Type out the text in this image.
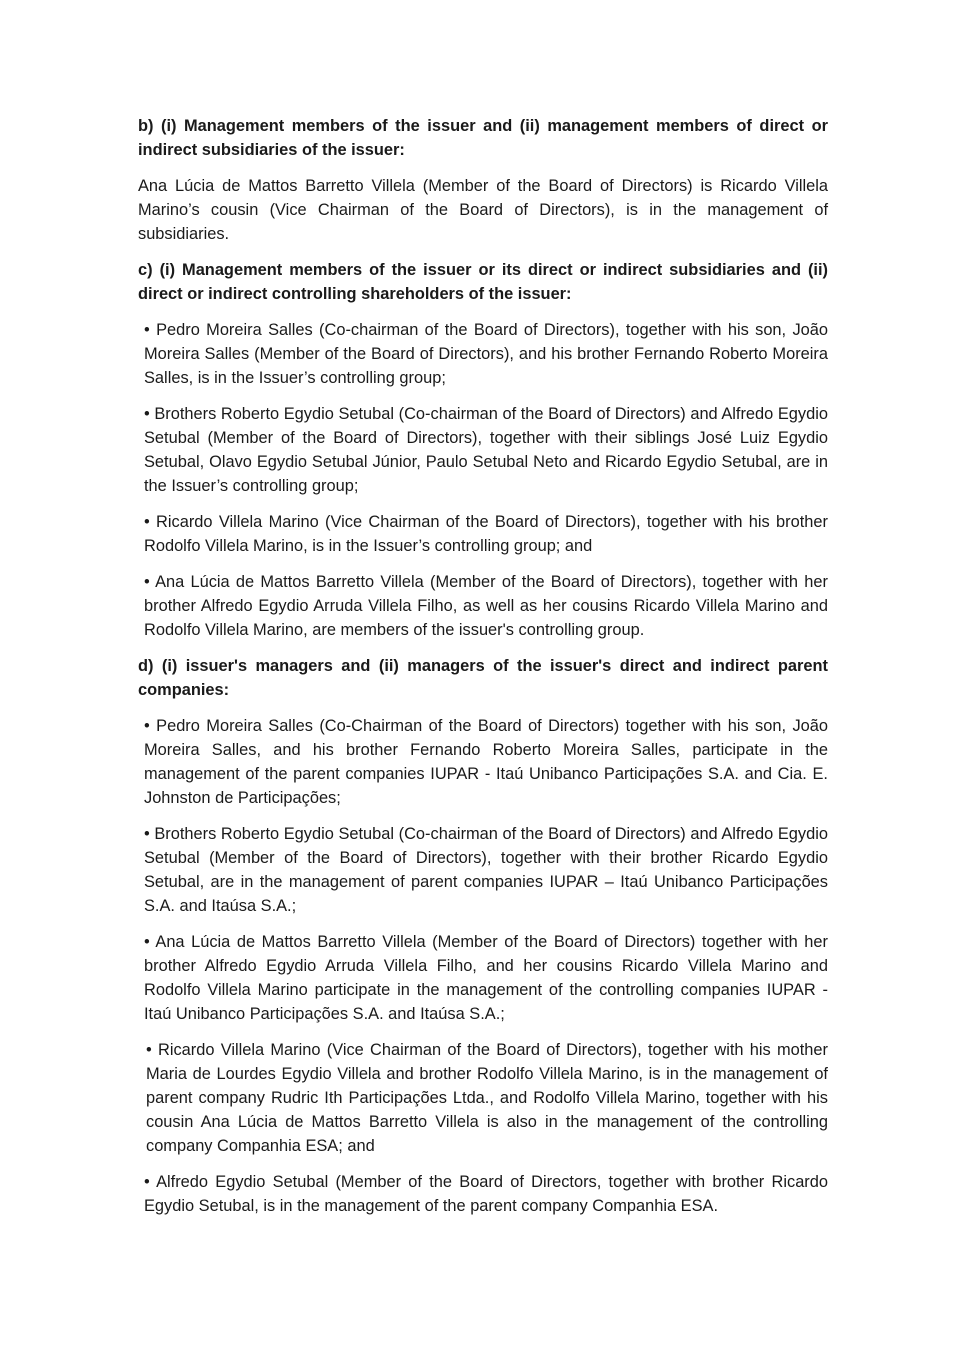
b) (i) Management members of the issuer and (ii) management members of direct or indirect subsidiaries of the issuer:
Ana Lúcia de Mattos Barretto Villela (Member of the Board of Directors) is Ricardo Villela Marino’s cousin (Vice Chairman of the Board of Directors), is in the management of subsidiaries.
c) (i) Management members of the issuer or its direct or indirect subsidiaries and (ii) direct or indirect controlling shareholders of the issuer:
• Pedro Moreira Salles (Co-chairman of the Board of Directors), together with his son, João Moreira Salles (Member of the Board of Directors), and his brother Fernando Roberto Moreira Salles, is in the Issuer’s controlling group;
• Brothers Roberto Egydio Setubal (Co-chairman of the Board of Directors) and Alfredo Egydio Setubal (Member of the Board of Directors), together with their siblings José Luiz Egydio Setubal, Olavo Egydio Setubal Júnior, Paulo Setubal Neto and Ricardo Egydio Setubal, are in the Issuer’s controlling group;
• Ricardo Villela Marino (Vice Chairman of the Board of Directors), together with his brother Rodolfo Villela Marino, is in the Issuer’s controlling group; and
• Ana Lúcia de Mattos Barretto Villela (Member of the Board of Directors), together with her brother Alfredo Egydio Arruda Villela Filho, as well as her cousins Ricardo Villela Marino and Rodolfo Villela Marino, are members of the issuer's controlling group.
d) (i) issuer's managers and (ii) managers of the issuer's direct and indirect parent companies:
• Pedro Moreira Salles (Co-Chairman of the Board of Directors) together with his son, João Moreira Salles, and his brother Fernando Roberto Moreira Salles, participate in the management of the parent companies IUPAR - Itaú Unibanco Participações S.A. and Cia. E. Johnston de Participações;
• Brothers Roberto Egydio Setubal (Co-chairman of the Board of Directors) and Alfredo Egydio Setubal (Member of the Board of Directors), together with their brother Ricardo Egydio Setubal, are in the management of parent companies IUPAR – Itaú Unibanco Participações S.A. and Itaúsa S.A.;
• Ana Lúcia de Mattos Barretto Villela (Member of the Board of Directors) together with her brother Alfredo Egydio Arruda Villela Filho, and her cousins Ricardo Villela Marino and Rodolfo Villela Marino participate in the management of the controlling companies IUPAR - Itaú Unibanco Participações S.A. and Itaúsa S.A.;
• Ricardo Villela Marino (Vice Chairman of the Board of Directors), together with his mother Maria de Lourdes Egydio Villela and brother Rodolfo Villela Marino, is in the management of parent company Rudric Ith Participações Ltda., and Rodolfo Villela Marino, together with his cousin Ana Lúcia de Mattos Barretto Villela is also in the management of the controlling company Companhia ESA; and
• Alfredo Egydio Setubal (Member of the Board of Directors, together with brother Ricardo Egydio Setubal, is in the management of the parent company Companhia ESA.
